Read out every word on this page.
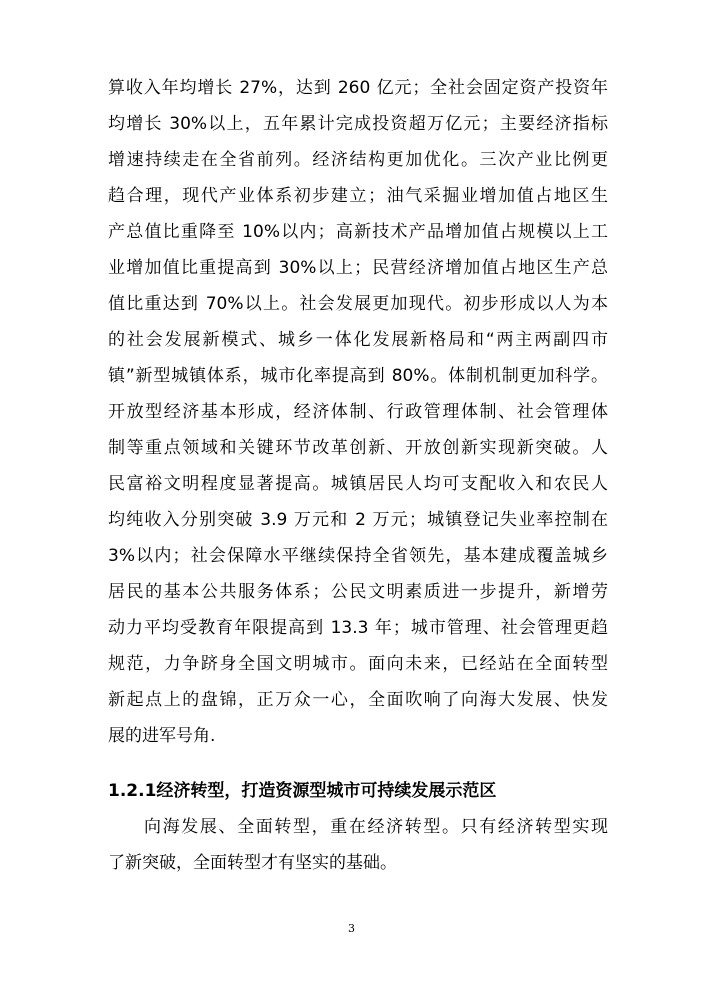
算收入年均增长 27%，达到 260 亿元；全社会固定资产投资年
均增长 30%以上，五年累计完成投资超万亿元；主要经济指标
增速持续走在全省前列。经济结构更加优化。三次产业比例更
趋合理，现代产业体系初步建立；油气采掘业增加值占地区生
产总值比重降至 10%以内；高新技术产品增加值占规模以上工
业增加值比重提高到 30%以上；民营经济增加值占地区生产总
值比重达到 70%以上。社会发展更加现代。初步形成以人为本
的社会发展新模式、城乡一体化发展新格局和“两主两副四市
镇”新型城镇体系，城市化率提高到 80%。体制机制更加科学。
开放型经济基本形成，经济体制、行政管理体制、社会管理体
制等重点领域和关键环节改革创新、开放创新实现新突破。人
民富裕文明程度显著提高。城镇居民人均可支配收入和农民人
均纯收入分别突破 3.9 万元和 2 万元；城镇登记失业率控制在
3%以内；社会保障水平继续保持全省领先，基本建成覆盖城乡
居民的基本公共服务体系；公民文明素质进一步提升，新增劳
动力平均受教育年限提高到 13.3 年；城市管理、社会管理更趋
规范，力争跻身全国文明城市。面向未来，已经站在全面转型
新起点上的盘锦，正万众一心，全面吹响了向海大发展、快发
展的进军号角.
1.2.1经济转型，打造资源型城市可持续发展示范区
向海发展、全面转型，重在经济转型。只有经济转型实现
了新突破，全面转型才有坚实的基础。
3
